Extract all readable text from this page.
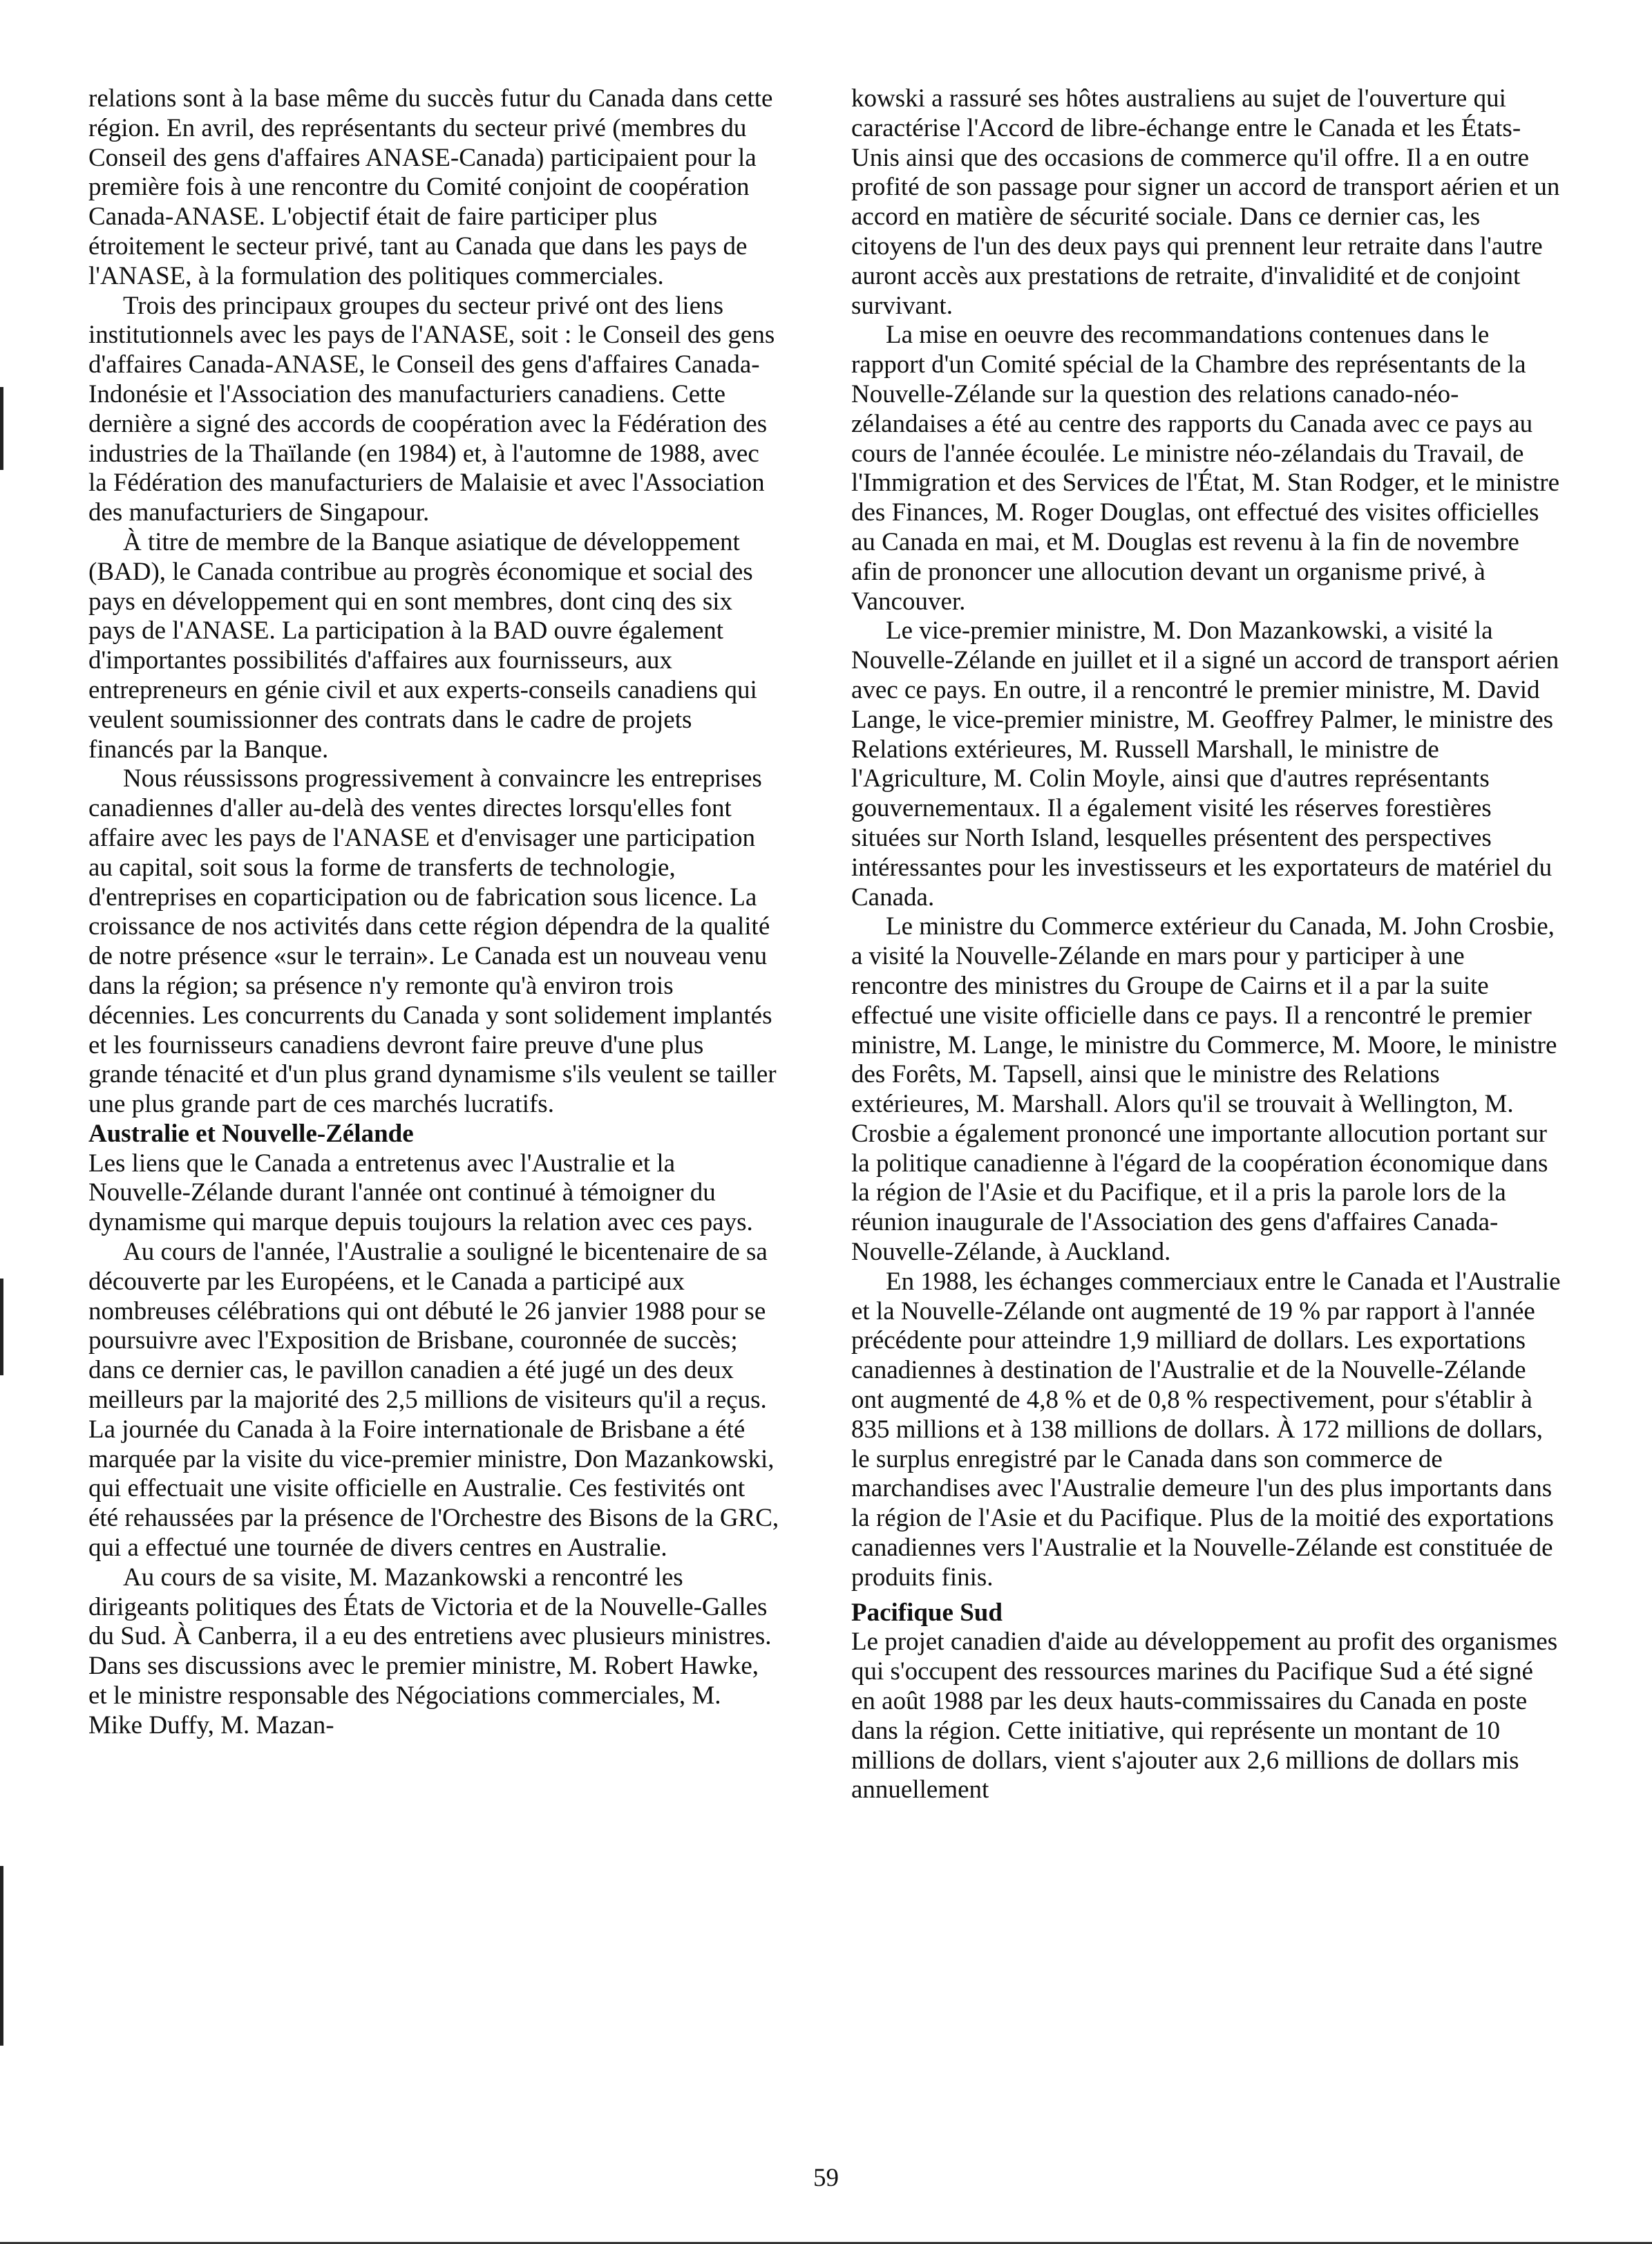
relations sont à la base même du succès futur du Canada dans cette région. En avril, des représentants du secteur privé (membres du Conseil des gens d'affaires ANASE-Canada) participaient pour la première fois à une rencontre du Comité conjoint de coopération Canada-ANASE. L'objectif était de faire participer plus étroitement le secteur privé, tant au Canada que dans les pays de l'ANASE, à la formulation des politiques commerciales.

Trois des principaux groupes du secteur privé ont des liens institutionnels avec les pays de l'ANASE, soit : le Conseil des gens d'affaires Canada-ANASE, le Conseil des gens d'affaires Canada-Indonésie et l'Association des manufacturiers canadiens. Cette dernière a signé des accords de coopération avec la Fédération des industries de la Thaïlande (en 1984) et, à l'automne de 1988, avec la Fédération des manufacturiers de Malaisie et avec l'Association des manufacturiers de Singapour.

À titre de membre de la Banque asiatique de développement (BAD), le Canada contribue au progrès économique et social des pays en développement qui en sont membres, dont cinq des six pays de l'ANASE. La participation à la BAD ouvre également d'importantes possibilités d'affaires aux fournisseurs, aux entrepreneurs en génie civil et aux experts-conseils canadiens qui veulent soumissionner des contrats dans le cadre de projets financés par la Banque.

Nous réussissons progressivement à convaincre les entreprises canadiennes d'aller au-delà des ventes directes lorsqu'elles font affaire avec les pays de l'ANASE et d'envisager une participation au capital, soit sous la forme de transferts de technologie, d'entreprises en coparticipation ou de fabrication sous licence. La croissance de nos activités dans cette région dépendra de la qualité de notre présence «sur le terrain». Le Canada est un nouveau venu dans la région; sa présence n'y remonte qu'à environ trois décennies. Les concurrents du Canada y sont solidement implantés et les fournisseurs canadiens devront faire preuve d'une plus grande ténacité et d'un plus grand dynamisme s'ils veulent se tailler une plus grande part de ces marchés lucratifs.

Australie et Nouvelle-Zélande

Les liens que le Canada a entretenus avec l'Australie et la Nouvelle-Zélande durant l'année ont continué à témoigner du dynamisme qui marque depuis toujours la relation avec ces pays.

Au cours de l'année, l'Australie a souligné le bicentenaire de sa découverte par les Européens, et le Canada a participé aux nombreuses célébrations qui ont débuté le 26 janvier 1988 pour se poursuivre avec l'Exposition de Brisbane, couronnée de succès; dans ce dernier cas, le pavillon canadien a été jugé un des deux meilleurs par la majorité des 2,5 millions de visiteurs qu'il a reçus. La journée du Canada à la Foire internationale de Brisbane a été marquée par la visite du vice-premier ministre, Don Mazankowski, qui effectuait une visite officielle en Australie. Ces festivités ont été rehaussées par la présence de l'Orchestre des Bisons de la GRC, qui a effectué une tournée de divers centres en Australie.

Au cours de sa visite, M. Mazankowski a rencontré les dirigeants politiques des États de Victoria et de la Nouvelle-Galles du Sud. À Canberra, il a eu des entretiens avec plusieurs ministres. Dans ses discussions avec le premier ministre, M. Robert Hawke, et le ministre responsable des Négociations commerciales, M. Mike Duffy, M. Mazan-

kowski a rassuré ses hôtes australiens au sujet de l'ouverture qui caractérise l'Accord de libre-échange entre le Canada et les États-Unis ainsi que des occasions de commerce qu'il offre. Il a en outre profité de son passage pour signer un accord de transport aérien et un accord en matière de sécurité sociale. Dans ce dernier cas, les citoyens de l'un des deux pays qui prennent leur retraite dans l'autre auront accès aux prestations de retraite, d'invalidité et de conjoint survivant.

La mise en oeuvre des recommandations contenues dans le rapport d'un Comité spécial de la Chambre des représentants de la Nouvelle-Zélande sur la question des relations canado-néo-zélandaises a été au centre des rapports du Canada avec ce pays au cours de l'année écoulée. Le ministre néo-zélandais du Travail, de l'Immigration et des Services de l'État, M. Stan Rodger, et le ministre des Finances, M. Roger Douglas, ont effectué des visites officielles au Canada en mai, et M. Douglas est revenu à la fin de novembre afin de prononcer une allocution devant un organisme privé, à Vancouver.

Le vice-premier ministre, M. Don Mazankowski, a visité la Nouvelle-Zélande en juillet et il a signé un accord de transport aérien avec ce pays. En outre, il a rencontré le premier ministre, M. David Lange, le vice-premier ministre, M. Geoffrey Palmer, le ministre des Relations extérieures, M. Russell Marshall, le ministre de l'Agriculture, M. Colin Moyle, ainsi que d'autres représentants gouvernementaux. Il a également visité les réserves forestières situées sur North Island, lesquelles présentent des perspectives intéressantes pour les investisseurs et les exportateurs de matériel du Canada.

Le ministre du Commerce extérieur du Canada, M. John Crosbie, a visité la Nouvelle-Zélande en mars pour y participer à une rencontre des ministres du Groupe de Cairns et il a par la suite effectué une visite officielle dans ce pays. Il a rencontré le premier ministre, M. Lange, le ministre du Commerce, M. Moore, le ministre des Forêts, M. Tapsell, ainsi que le ministre des Relations extérieures, M. Marshall. Alors qu'il se trouvait à Wellington, M. Crosbie a également prononcé une importante allocution portant sur la politique canadienne à l'égard de la coopération économique dans la région de l'Asie et du Pacifique, et il a pris la parole lors de la réunion inaugurale de l'Association des gens d'affaires Canada- Nouvelle-Zélande, à Auckland.

En 1988, les échanges commerciaux entre le Canada et l'Australie et la Nouvelle-Zélande ont augmenté de 19 % par rapport à l'année précédente pour atteindre 1,9 milliard de dollars. Les exportations canadiennes à destination de l'Australie et de la Nouvelle-Zélande ont augmenté de 4,8 % et de 0,8 % respectivement, pour s'établir à 835 millions et à 138 millions de dollars. À 172 millions de dollars, le surplus enregistré par le Canada dans son commerce de marchandises avec l'Australie demeure l'un des plus importants dans la région de l'Asie et du Pacifique. Plus de la moitié des exportations canadiennes vers l'Australie et la Nouvelle-Zélande est constituée de produits finis.

Pacifique Sud

Le projet canadien d'aide au développement au profit des organismes qui s'occupent des ressources marines du Pacifique Sud a été signé en août 1988 par les deux hauts-commissaires du Canada en poste dans la région. Cette initiative, qui représente un montant de 10 millions de dollars, vient s'ajouter aux 2,6 millions de dollars mis annuellement

59
